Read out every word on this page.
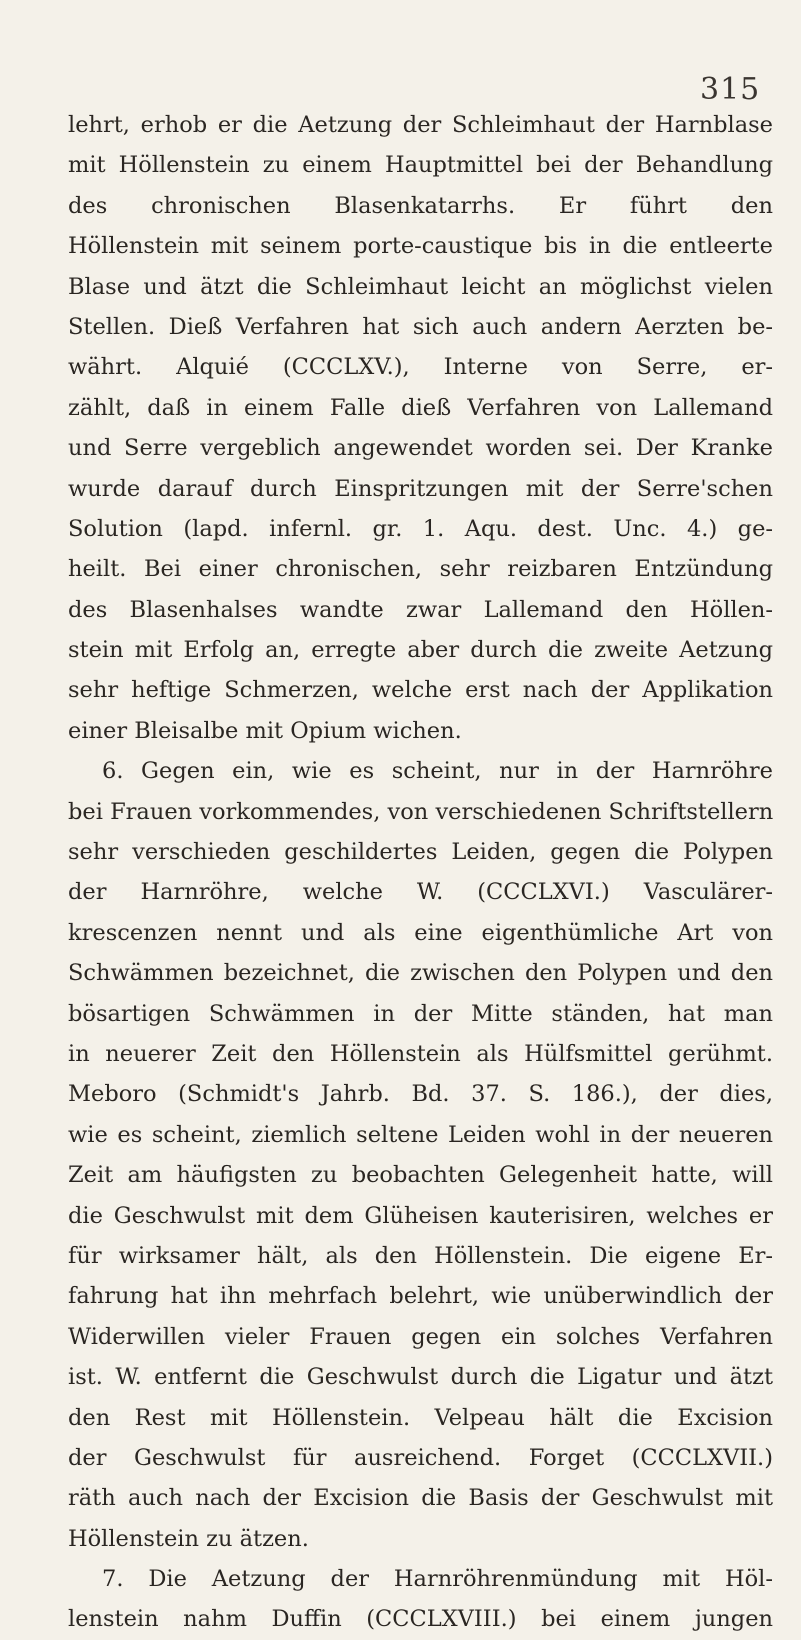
315
lehrt, erhob er die Aetzung der Schleimhaut der Harnblase
mit Höllenstein zu einem Hauptmittel bei der Behandlung
des chronischen Blasenkatarrhs. Er führt den
Höllenstein mit seinem porte-caustique bis in die entleerte
Blase und ätzt die Schleimhaut leicht an möglichst vielen
Stellen. Dieß Verfahren hat sich auch andern Aerzten be-
währt. Alquié (CCCLXV.), Interne von Serre, er-
zählt, daß in einem Falle dieß Verfahren von Lallemand
und Serre vergeblich angewendet worden sei. Der Kranke
wurde darauf durch Einspritzungen mit der Serre'schen
Solution (lapd. infernl. gr. 1. Aqu. dest. Unc. 4.) ge-
heilt. Bei einer chronischen, sehr reizbaren Entzündung
des Blasenhalses wandte zwar Lallemand den Höllen-
stein mit Erfolg an, erregte aber durch die zweite Aetzung
sehr heftige Schmerzen, welche erst nach der Applikation
einer Bleisalbe mit Opium wichen.
6. Gegen ein, wie es scheint, nur in der Harnröhre
bei Frauen vorkommendes, von verschiedenen Schriftstellern
sehr verschieden geschildertes Leiden, gegen die Polypen
der Harnröhre, welche W. (CCCLXVI.) Vasculärer-
krescenzen nennt und als eine eigenthümliche Art von
Schwämmen bezeichnet, die zwischen den Polypen und den
bösartigen Schwämmen in der Mitte ständen, hat man
in neuerer Zeit den Höllenstein als Hülfsmittel gerühmt.
Meboro (Schmidt's Jahrb. Bd. 37. S. 186.), der dies,
wie es scheint, ziemlich seltene Leiden wohl in der neueren
Zeit am häufigsten zu beobachten Gelegenheit hatte, will
die Geschwulst mit dem Glüheisen kauterisiren, welches er
für wirksamer hält, als den Höllenstein. Die eigene Er-
fahrung hat ihn mehrfach belehrt, wie unüberwindlich der
Widerwillen vieler Frauen gegen ein solches Verfahren
ist. W. entfernt die Geschwulst durch die Ligatur und ätzt
den Rest mit Höllenstein. Velpeau hält die Excision
der Geschwulst für ausreichend. Forget (CCCLXVII.)
räth auch nach der Excision die Basis der Geschwulst mit
Höllenstein zu ätzen.
7. Die Aetzung der Harnröhrenmündung mit Höl-
lenstein nahm Duffin (CCCLXVIII.) bei einem jungen
